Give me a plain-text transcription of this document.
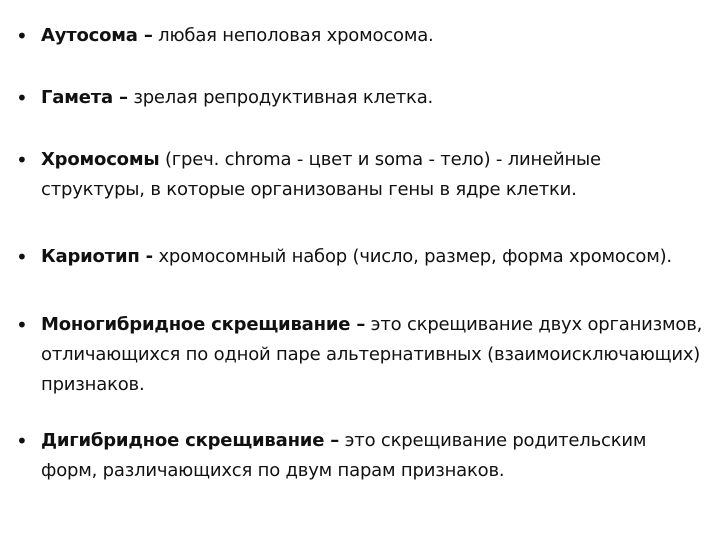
• Аутосома – любая неполовая хромосома.
• Гамета – зрелая репродуктивная клетка.
• Хромосомы (греч. chroma - цвет и soma - тело) - линейные структуры, в которые организованы гены в ядре клетки.
• Кариотип - хромосомный набор (число, размер, форма хромосом).
• Моногибридное скрещивание – это скрещивание двух организмов, отличающихся по одной паре альтернативных (взаимоисключающих) признаков.
• Дигибридное скрещивание – это скрещивание родительским форм, различающихся по двум парам признаков.
